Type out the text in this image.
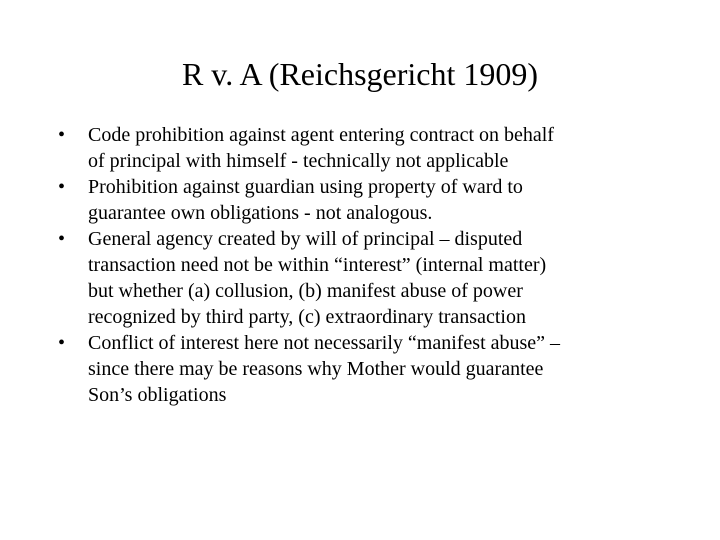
R v. A (Reichsgericht 1909)
•	Code prohibition against agent entering contract on behalf
of principal with himself - technically not applicable
•	Prohibition against guardian using property of ward to
guarantee own obligations - not analogous.
•	General agency created by will of principal – disputed
transaction need not be within “interest” (internal matter)
but whether (a) collusion, (b) manifest abuse of power
recognized by third party, (c) extraordinary transaction
•	Conflict of interest here not necessarily “manifest abuse” –
since there may be reasons why Mother would guarantee
Son’s obligations
